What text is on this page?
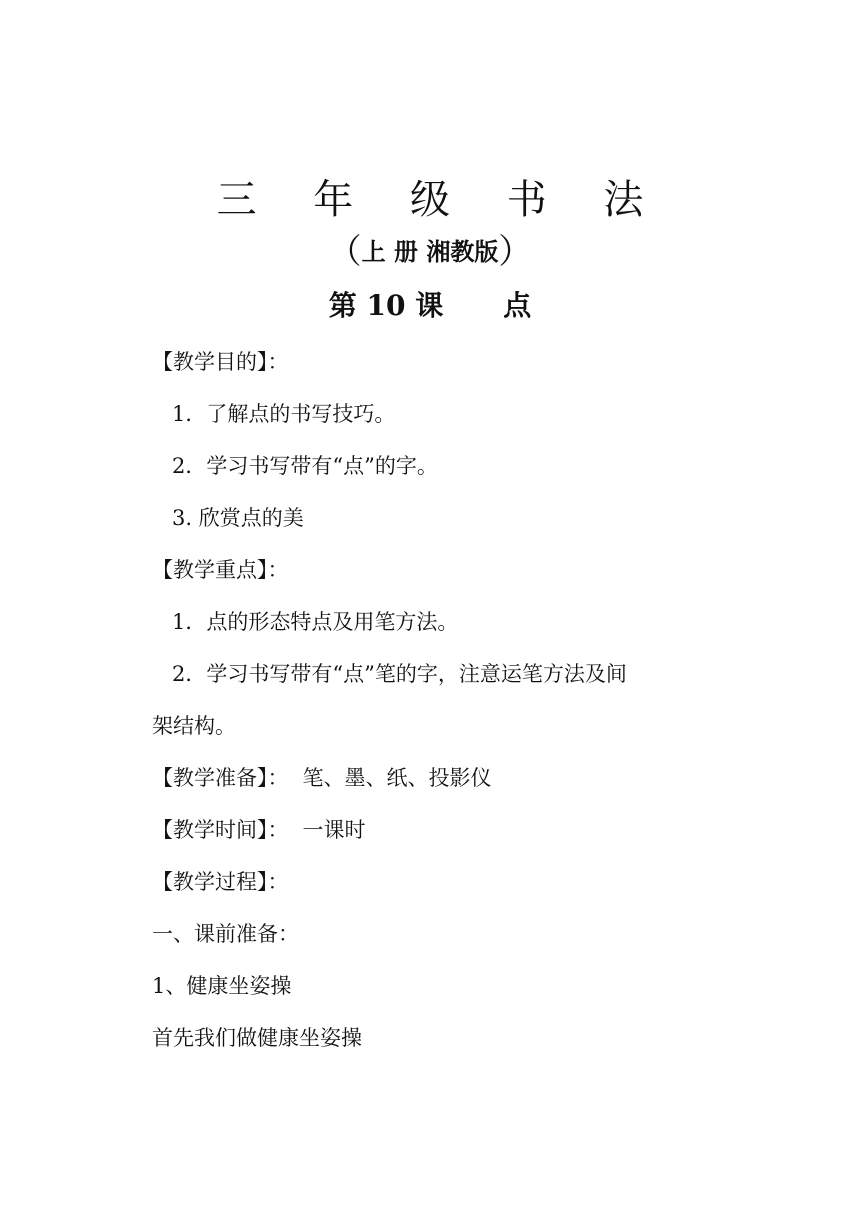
三 年 级 书 法
（上 册 湘教版）
第 10 课 点
【教学目的】：
1．了解点的书写技巧。
2．学习书写带有“点”的字。
3. 欣赏点的美
【教学重点】：
1．点的形态特点及用笔方法。
2．学习书写带有“点”笔的字，注意运笔方法及间
架结构。
【教学准备】： 笔、墨、纸、投影仪
【教学时间】： 一课时
【教学过程】：
一、课前准备：
1、健康坐姿操
首先我们做健康坐姿操
